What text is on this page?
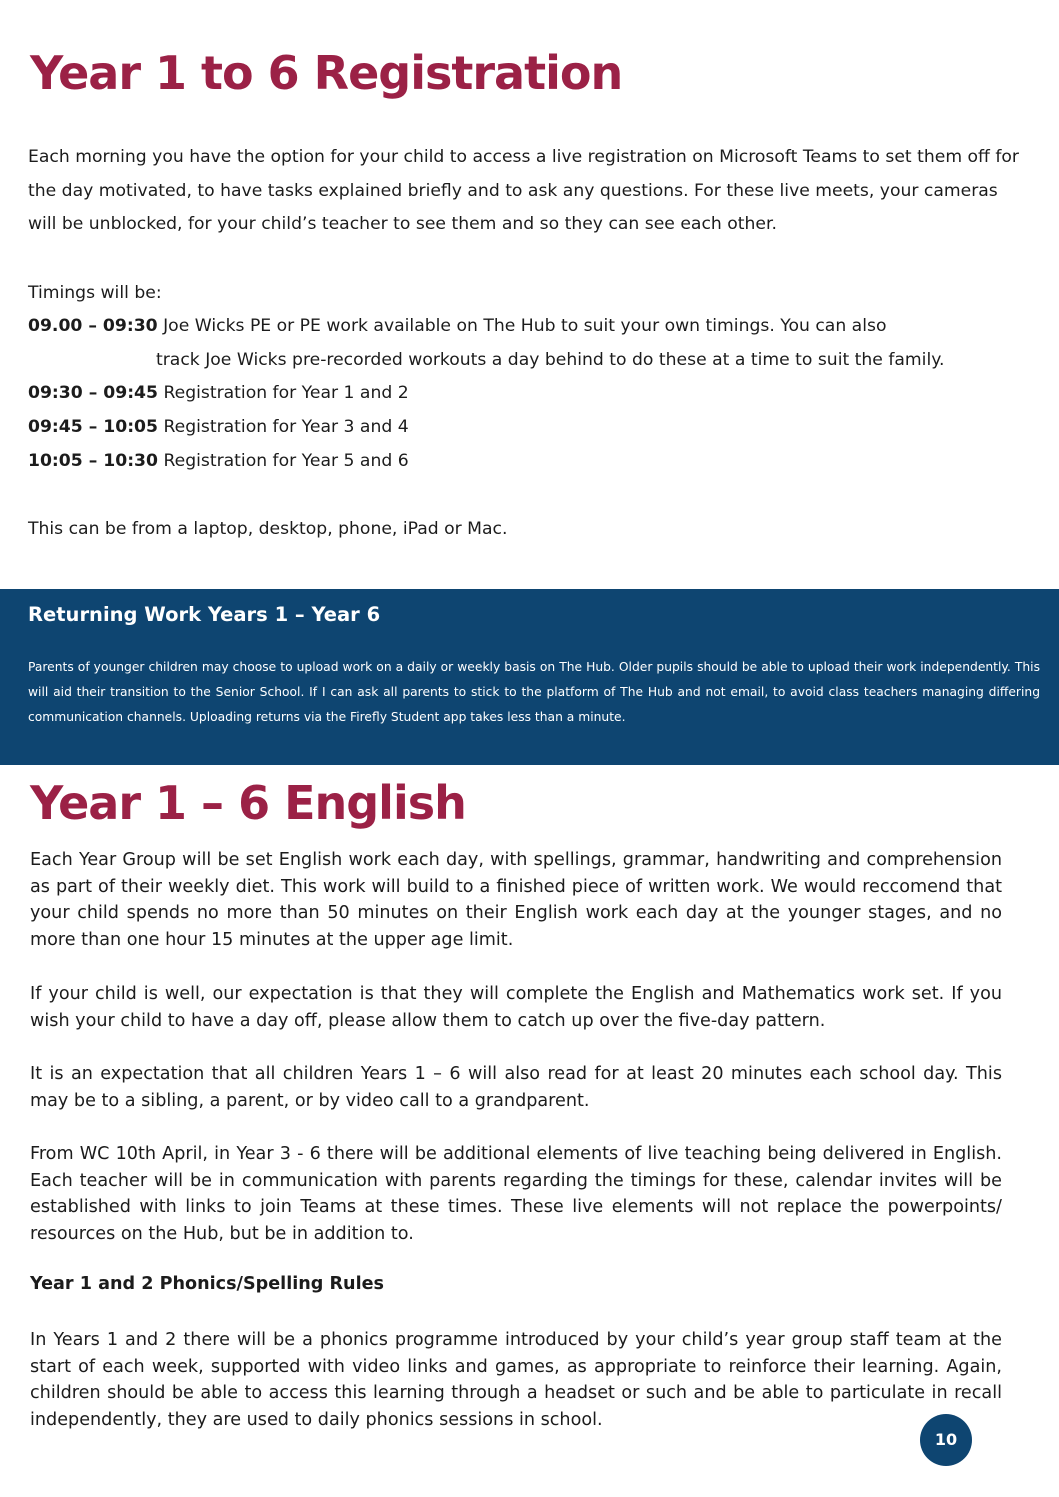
Year 1 to 6 Registration

Each morning you have the option for your child to access a live registration on Microsoft Teams to set them off for the day motivated, to have tasks explained briefly and to ask any questions. For these live meets, your cameras will be unblocked, for your child’s teacher to see them and so they can see each other.

Timings will be:
09.00 – 09:30 Joe Wicks PE or PE work available on The Hub to suit your own timings. You can also
track Joe Wicks pre-recorded workouts a day behind to do these at a time to suit the family.
09:30 – 09:45 Registration for Year 1 and 2
09:45 – 10:05 Registration for Year 3 and 4
10:05 – 10:30 Registration for Year 5 and 6
This can be from a laptop, desktop, phone, iPad or Mac.
Returning Work Years 1 – Year 6

Parents of younger children may choose to upload work on a daily or weekly basis on The Hub. Older pupils should be able to upload their work independently. This will aid their transition to the Senior School. If I can ask all parents to stick to the platform of The Hub and not email, to avoid class teachers managing differing communication channels. Uploading returns via the Firefly Student app takes less than a minute.

Year 1 – 6 English

Each Year Group will be set English work each day, with spellings, grammar, handwriting and comprehension as part of their weekly diet. This work will build to a finished piece of written work. We would reccomend that your child spends no more than 50 minutes on their English work each day at the younger stages, and no more than one hour 15 minutes at the upper age limit.

If your child is well, our expectation is that they will complete the English and Mathematics work set. If you wish your child to have a day off, please allow them to catch up over the five-day pattern.

It is an expectation that all children Years 1 – 6 will also read for at least 20 minutes each school day. This may be to a sibling, a parent, or by video call to a grandparent.

From WC 10th April, in Year 3 - 6 there will be additional elements of live teaching being delivered in English. Each teacher will be in communication with parents regarding the timings for these, calendar invites will be established with links to join Teams at these times. These live elements will not replace the powerpoints/ resources on the Hub, but be in addition to.

Year 1 and 2 Phonics/Spelling Rules

In Years 1 and 2 there will be a phonics programme introduced by your child’s year group staff team at the start of each week, supported with video links and games, as appropriate to reinforce their learning. Again, children should be able to access this learning through a headset or such and be able to particulate in recall independently, they are used to daily phonics sessions in school.

10
